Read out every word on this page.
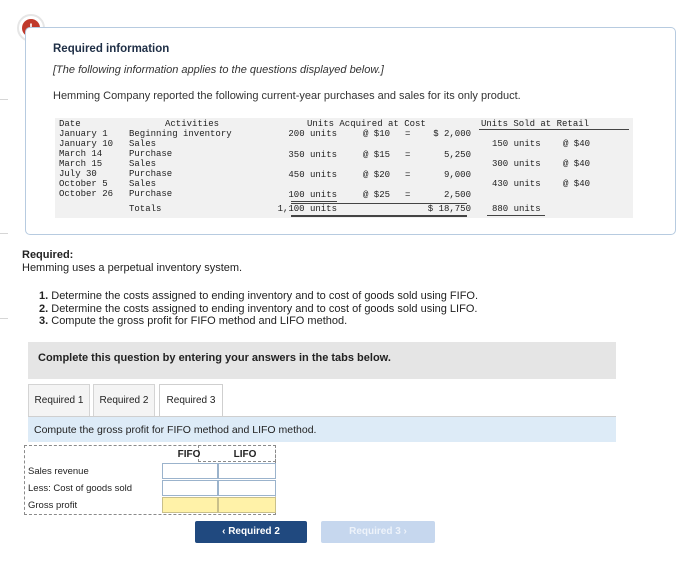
Required information
[The following information applies to the questions displayed below.]
Hemming Company reported the following current-year purchases and sales for its only product.
Date	Activities	Units Acquired at Cost	Units Sold at Retail
January 1 Beginning inventory	200 units	@ $10 =	$ 2,000
January 10 Sales	150 units @ $40
March 14	Purchase	350 units	@ $15 =	5,250
March 15	Sales	300 units @ $40
July 30	Purchase	450 units	@ $20 =	9,000
October 5 Sales	430 units @ $40
October 26 Purchase	100 units	@ $25 =	2,500
Totals	1,100 units	$ 18,750 880 units
Required:
Hemming uses a perpetual inventory system.
1. Determine the costs assigned to ending inventory and to cost of goods sold using FIFO.
2. Determine the costs assigned to ending inventory and to cost of goods sold using LIFO.
3. Compute the gross profit for FIFO method and LIFO method.
Complete this question by entering your answers in the tabs below.
Required 1	Required 2	Required 3
Compute the gross profit for FIFO method and LIFO method.
FIFO	LIFO
Sales revenue
Less: Cost of goods sold
Gross profit
‹ Required 2	Required 3 ›
